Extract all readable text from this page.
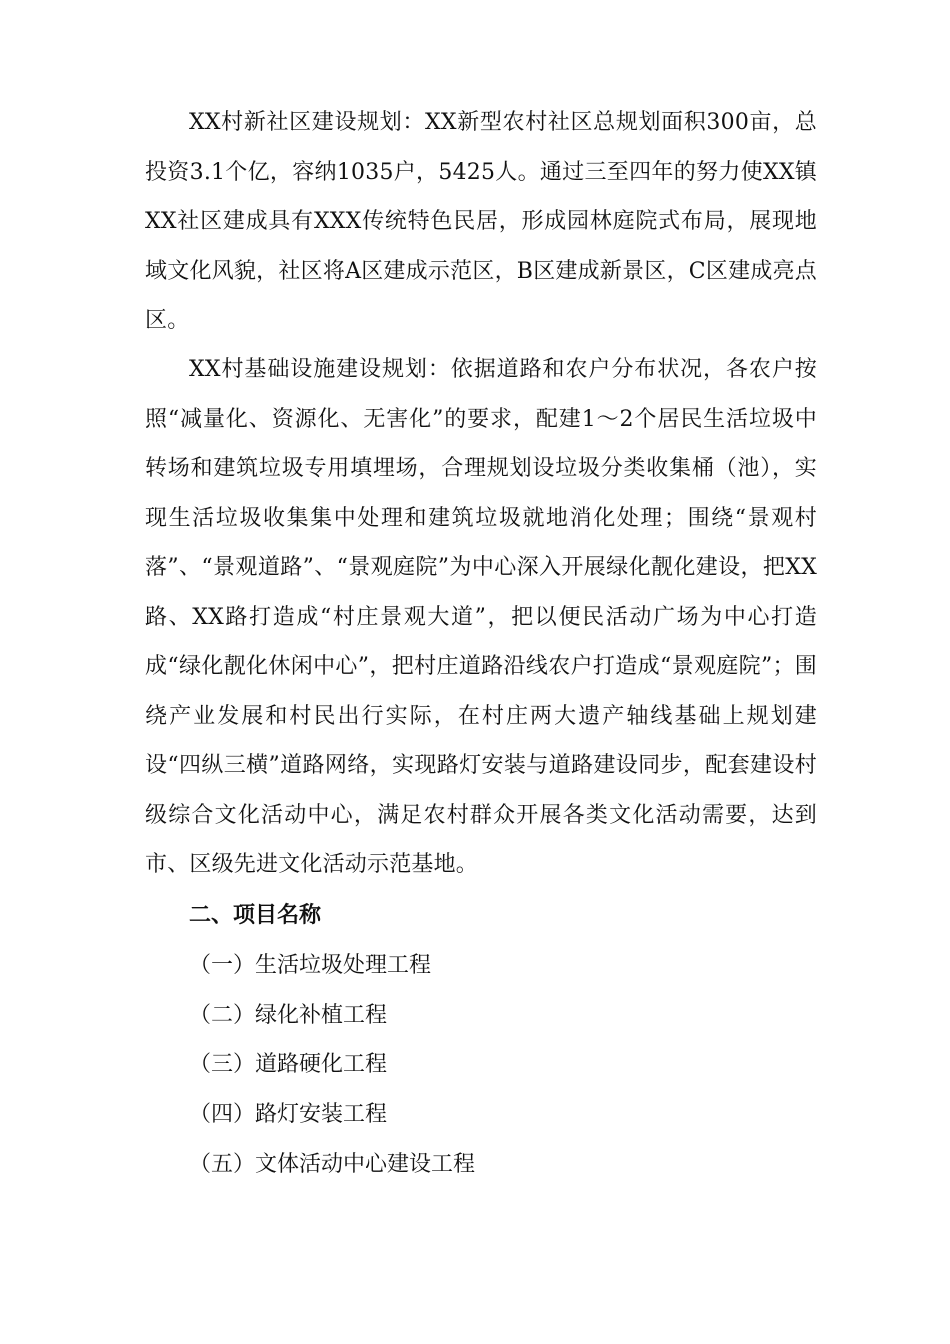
XX村新社区建设规划：XX新型农村社区总规划面积300亩，总投资3.1个亿，容纳1035户，5425人。通过三至四年的努力使XX镇XX社区建成具有XXX传统特色民居，形成园林庭院式布局，展现地域文化风貌，社区将A区建成示范区，B区建成新景区，C区建成亮点区。

XX村基础设施建设规划：依据道路和农户分布状况，各农户按照“减量化、资源化、无害化”的要求，配建1～2个居民生活垃圾中转场和建筑垃圾专用填埋场，合理规划设垃圾分类收集桶（池），实现生活垃圾收集集中处理和建筑垃圾就地消化处理；围绕“景观村落”、“景观道路”、“景观庭院”为中心深入开展绿化靓化建设，把XX路、XX路打造成“村庄景观大道”，把以便民活动广场为中心打造成“绿化靓化休闲中心”，把村庄道路沿线农户打造成“景观庭院”；围绕产业发展和村民出行实际，在村庄两大遗产轴线基础上规划建设“四纵三横”道路网络，实现路灯安装与道路建设同步，配套建设村级综合文化活动中心，满足农村群众开展各类文化活动需要，达到市、区级先进文化活动示范基地。

二、项目名称
（一）生活垃圾处理工程
（二）绿化补植工程
（三）道路硬化工程
（四）路灯安装工程
（五）文体活动中心建设工程
